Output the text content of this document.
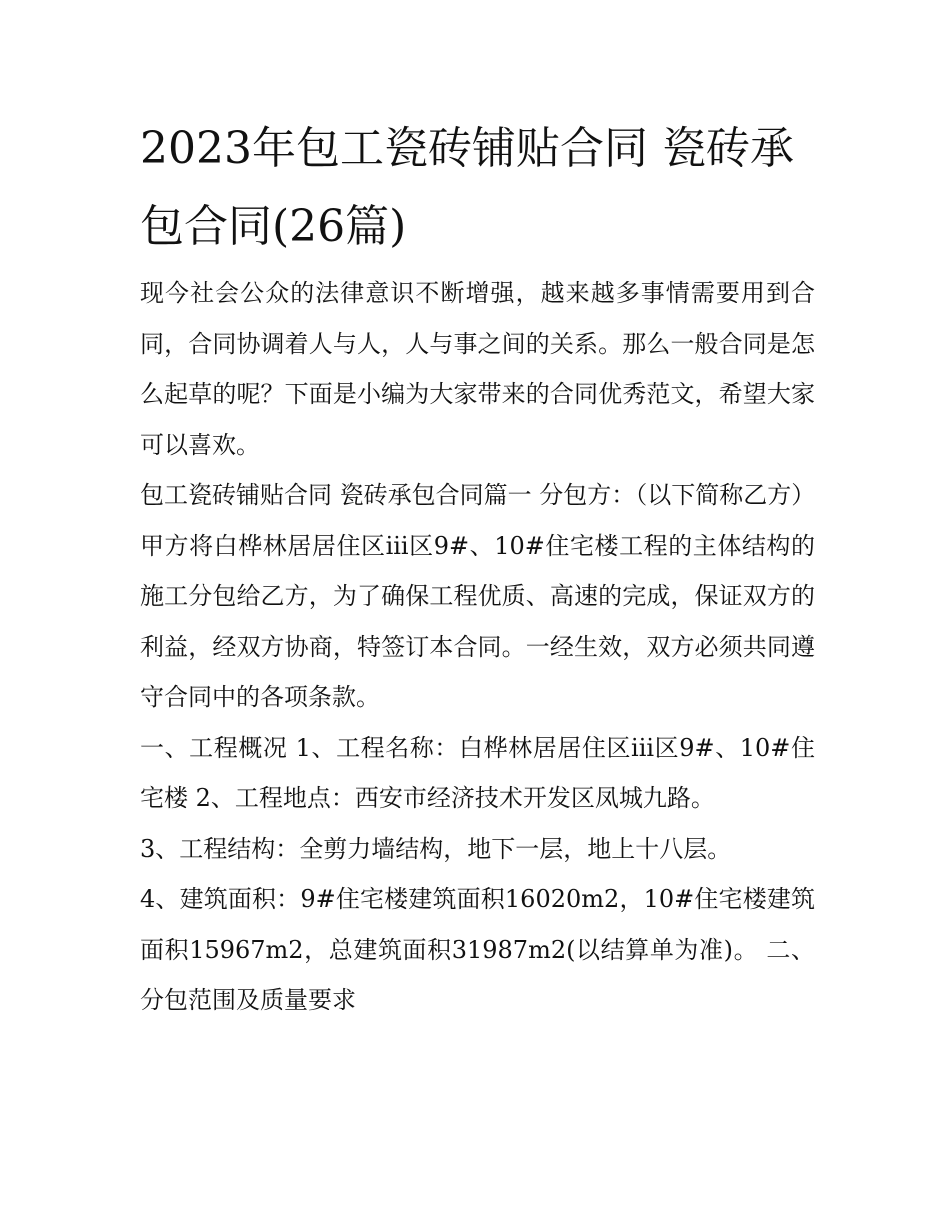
2023年包工瓷砖铺贴合同 瓷砖承包合同(26篇)

现今社会公众的法律意识不断增强，越来越多事情需要用到合同，合同协调着人与人，人与事之间的关系。那么一般合同是怎么起草的呢？下面是小编为大家带来的合同优秀范文，希望大家可以喜欢。

包工瓷砖铺贴合同 瓷砖承包合同篇一 分包方：（以下简称乙方）

甲方将白桦林居居住区iii区9#、10#住宅楼工程的主体结构的施工分包给乙方，为了确保工程优质、高速的完成，保证双方的利益，经双方协商，特签订本合同。一经生效，双方必须共同遵守合同中的各项条款。

一、工程概况 1、工程名称：白桦林居居住区iii区9#、10#住宅楼 2、工程地点：西安市经济技术开发区凤城九路。

3、工程结构：全剪力墙结构，地下一层，地上十八层。

4、建筑面积：9#住宅楼建筑面积16020m2，10#住宅楼建筑面积15967m2，总建筑面积31987m2(以结算单为准)。 二、分包范围及质量要求
